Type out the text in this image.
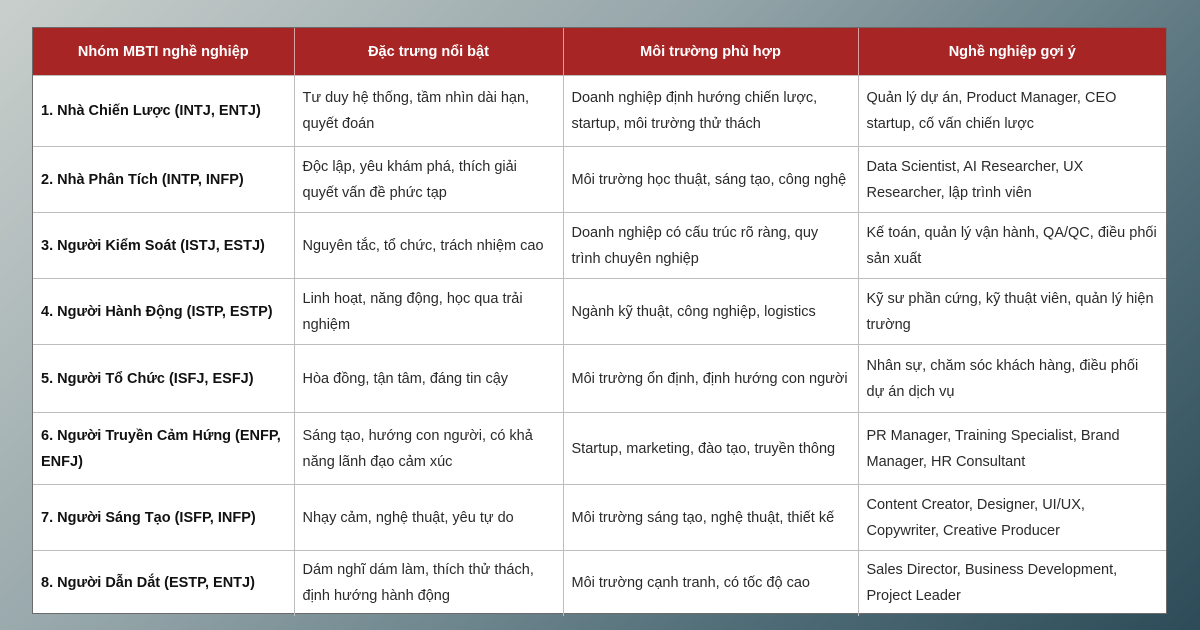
Nhóm MBTI nghề nghiệp	Đặc trưng nổi bật	Môi trường phù hợp	Nghề nghiệp gợi ý
1. Nhà Chiến Lược (INTJ, ENTJ)	Tư duy hệ thống, tầm nhìn dài hạn, quyết đoán	Doanh nghiệp định hướng chiến lược, startup, môi trường thử thách	Quản lý dự án, Product Manager, CEO startup, cố vấn chiến lược
2. Nhà Phân Tích (INTP, INFP)	Độc lập, yêu khám phá, thích giải quyết vấn đề phức tạp	Môi trường học thuật, sáng tạo, công nghệ	Data Scientist, AI Researcher, UX Researcher, lập trình viên
3. Người Kiểm Soát (ISTJ, ESTJ)	Nguyên tắc, tổ chức, trách nhiệm cao	Doanh nghiệp có cấu trúc rõ ràng, quy trình chuyên nghiệp	Kế toán, quản lý vận hành, QA/QC, điều phối sản xuất
4. Người Hành Động (ISTP, ESTP)	Linh hoạt, năng động, học qua trải nghiệm	Ngành kỹ thuật, công nghiệp, logistics	Kỹ sư phần cứng, kỹ thuật viên, quản lý hiện trường
5. Người Tổ Chức (ISFJ, ESFJ)	Hòa đồng, tận tâm, đáng tin cậy	Môi trường ổn định, định hướng con người	Nhân sự, chăm sóc khách hàng, điều phối dự án dịch vụ
6. Người Truyền Cảm Hứng (ENFP, ENFJ)	Sáng tạo, hướng con người, có khả năng lãnh đạo cảm xúc	Startup, marketing, đào tạo, truyền thông	PR Manager, Training Specialist, Brand Manager, HR Consultant
7. Người Sáng Tạo (ISFP, INFP)	Nhạy cảm, nghệ thuật, yêu tự do	Môi trường sáng tạo, nghệ thuật, thiết kế	Content Creator, Designer, UI/UX, Copywriter, Creative Producer
8. Người Dẫn Dắt (ESTP, ENTJ)	Dám nghĩ dám làm, thích thử thách, định hướng hành động	Môi trường cạnh tranh, có tốc độ cao	Sales Director, Business Development, Project Leader
